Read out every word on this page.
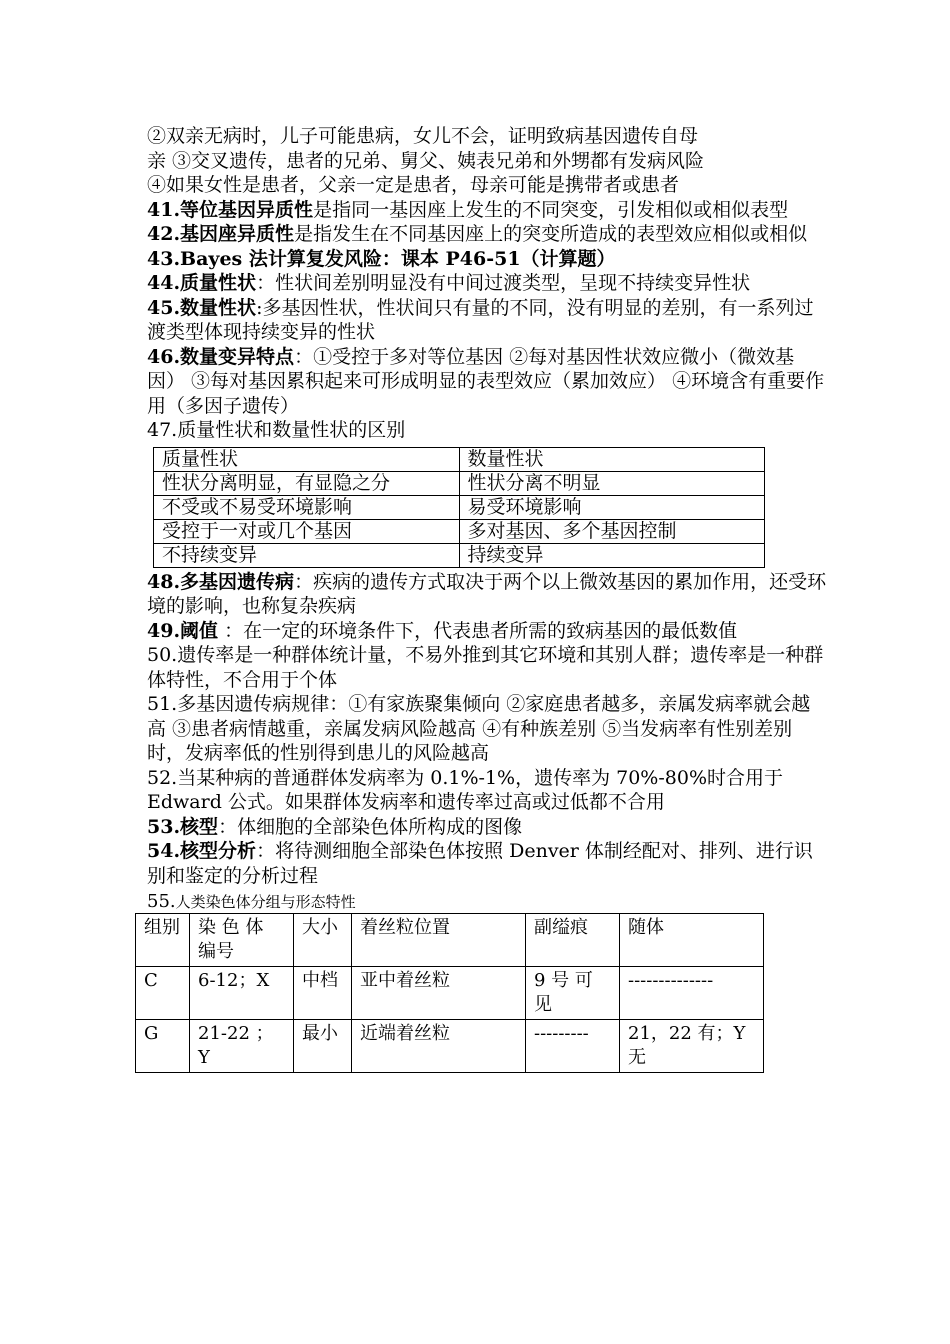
②双亲无病时，儿子可能患病，女儿不会，证明致病基因遗传自母

亲 ③交叉遗传，患者的兄弟、舅父、姨表兄弟和外甥都有发病风险

④如果女性是患者，父亲一定是患者，母亲可能是携带者或患者

41.等位基因异质性是指同一基因座上发生的不同突变，引发相似或相似表型

42.基因座异质性是指发生在不同基因座上的突变所造成的表型效应相似或相似

43.Bayes 法计算复发风险：课本 P46-51（计算题）

44.质量性状：性状间差别明显没有中间过渡类型，呈现不持续变异性状

45.数量性状:多基因性状，性状间只有量的不同，没有明显的差别，有一系列过渡类型体现持续变异的性状

46.数量变异特点：①受控于多对等位基因 ②每对基因性状效应微小（微效基因） ③每对基因累积起来可形成明显的表型效应（累加效应） ④环境含有重要作用（多因子遗传）

47.质量性状和数量性状的区别

质量性状	数量性状
性状分离明显，有显隐之分	性状分离不明显
不受或不易受环境影响	易受环境影响
受控于一对或几个基因	多对基因、多个基因控制
不持续变异	持续变异

48.多基因遗传病：疾病的遗传方式取决于两个以上微效基因的累加作用，还受环境的影响，也称复杂疾病

49.阈值 ：在一定的环境条件下，代表患者所需的致病基因的最低数值

50.遗传率是一种群体统计量，不易外推到其它环境和其别人群；遗传率是一种群体特性，不合用于个体

51.多基因遗传病规律：①有家族聚集倾向 ②家庭患者越多，亲属发病率就会越高 ③患者病情越重，亲属发病风险越高 ④有种族差别 ⑤当发病率有性别差别时，发病率低的性别得到患儿的风险越高

52.当某种病的普通群体发病率为 0.1%-1%，遗传率为 70%-80%时合用于 Edward 公式。如果群体发病率和遗传率过高或过低都不合用

53.核型：体细胞的全部染色体所构成的图像

54.核型分析：将待测细胞全部染色体按照 Denver 体制经配对、排列、进行识别和鉴定的分析过程

55.人类染色体分组与形态特性

组别	染 色 体 编号	大小	着丝粒位置	副缢痕	随体
C	6-12；X	中档	亚中着丝粒	9 号 可 见	--------------
G	21-22 ；Y	最小	近端着丝粒	---------	21，22 有；Y 无
